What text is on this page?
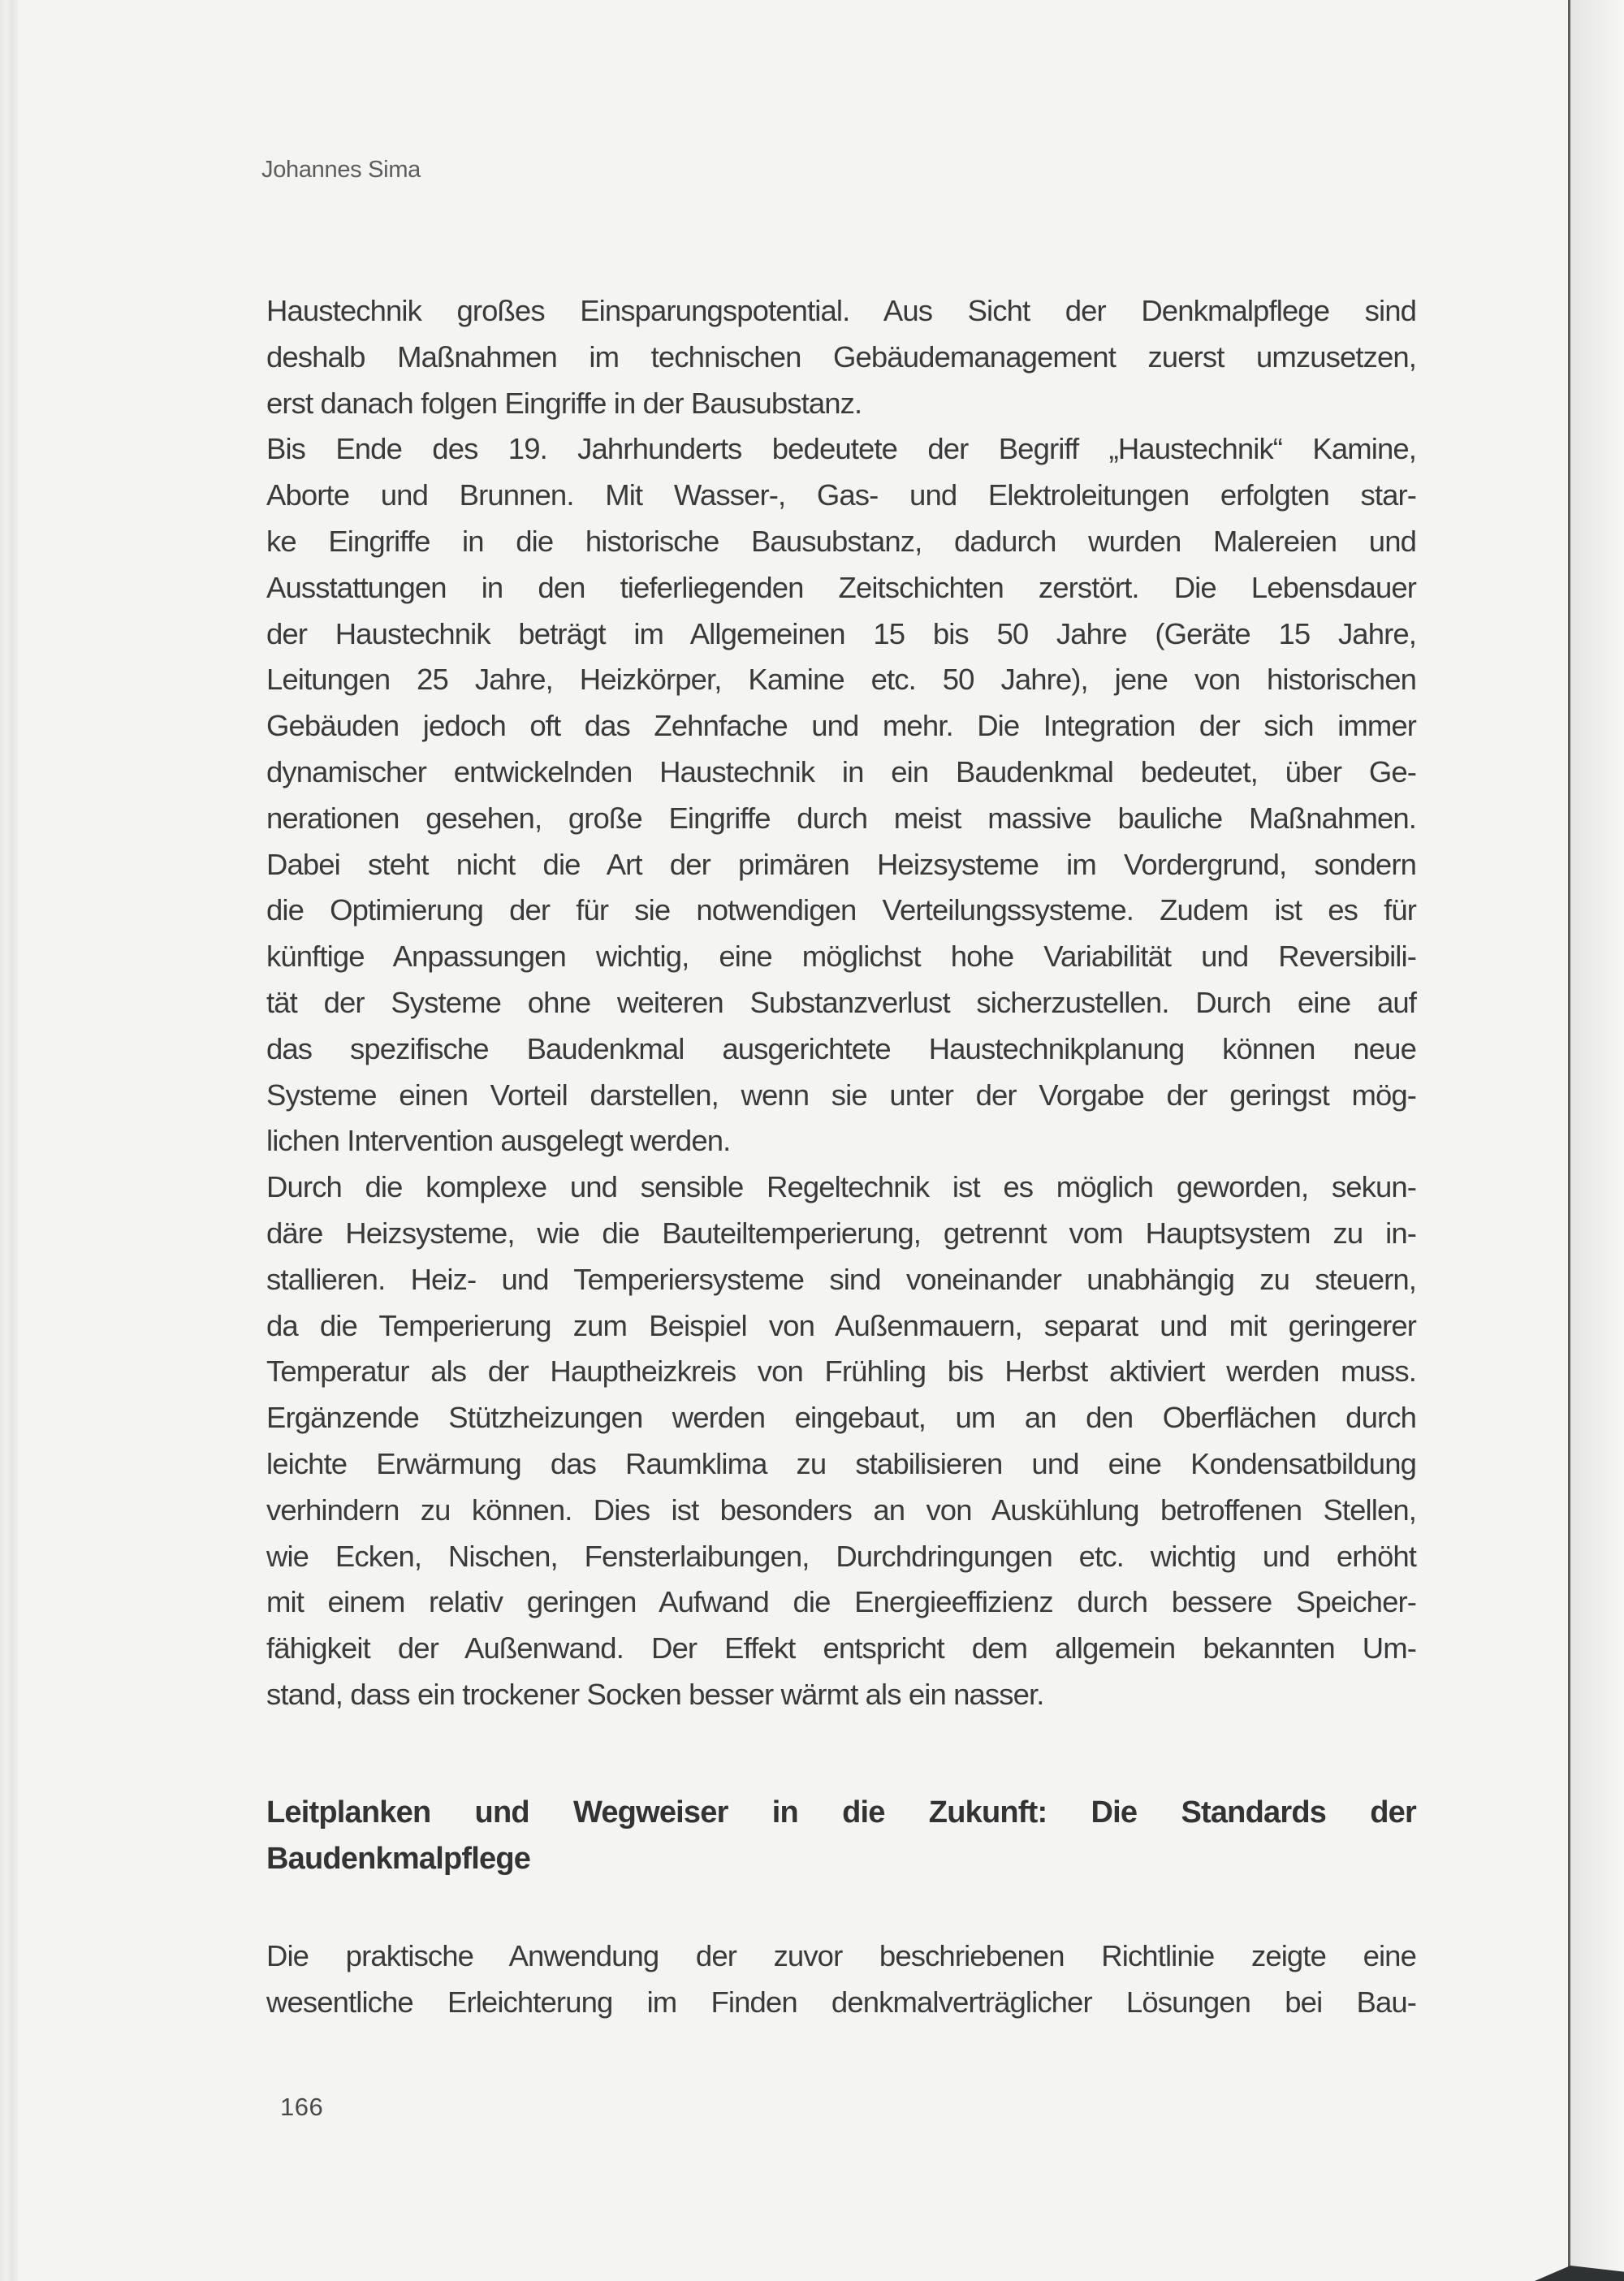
Johannes Sima

Haustechnik großes Einsparungspotential. Aus Sicht der Denkmalpflege sind
deshalb Maßnahmen im technischen Gebäudemanagement zuerst umzusetzen,
erst danach folgen Eingriffe in der Bausubstanz.

Bis Ende des 19. Jahrhunderts bedeutete der Begriff „Haustechnik“ Kamine,
Aborte und Brunnen. Mit Wasser-, Gas- und Elektroleitungen erfolgten star-
ke Eingriffe in die historische Bausubstanz, dadurch wurden Malereien und
Ausstattungen in den tieferliegenden Zeitschichten zerstört. Die Lebensdauer
der Haustechnik beträgt im Allgemeinen 15 bis 50 Jahre (Geräte 15 Jahre,
Leitungen 25 Jahre, Heizkörper, Kamine etc. 50 Jahre), jene von historischen
Gebäuden jedoch oft das Zehnfache und mehr. Die Integration der sich immer
dynamischer entwickelnden Haustechnik in ein Baudenkmal bedeutet, über Ge-
nerationen gesehen, große Eingriffe durch meist massive bauliche Maßnahmen.
Dabei steht nicht die Art der primären Heizsysteme im Vordergrund, sondern
die Optimierung der für sie notwendigen Verteilungssysteme. Zudem ist es für
künftige Anpassungen wichtig, eine möglichst hohe Variabilität und Reversibili-
tät der Systeme ohne weiteren Substanzverlust sicherzustellen. Durch eine auf
das spezifische Baudenkmal ausgerichtete Haustechnikplanung können neue
Systeme einen Vorteil darstellen, wenn sie unter der Vorgabe der geringst mög-
lichen Intervention ausgelegt werden.

Durch die komplexe und sensible Regeltechnik ist es möglich geworden, sekun-
däre Heizsysteme, wie die Bauteiltemperierung, getrennt vom Hauptsystem zu in-
stallieren. Heiz- und Temperiersysteme sind voneinander unabhängig zu steuern,
da die Temperierung zum Beispiel von Außenmauern, separat und mit geringerer
Temperatur als der Hauptheizkreis von Frühling bis Herbst aktiviert werden muss.
Ergänzende Stützheizungen werden eingebaut, um an den Oberflächen durch
leichte Erwärmung das Raumklima zu stabilisieren und eine Kondensatbildung
verhindern zu können. Dies ist besonders an von Auskühlung betroffenen Stellen,
wie Ecken, Nischen, Fensterlaibungen, Durchdringungen etc. wichtig und erhöht
mit einem relativ geringen Aufwand die Energieeffizienz durch bessere Speicher-
fähigkeit der Außenwand. Der Effekt entspricht dem allgemein bekannten Um-
stand, dass ein trockener Socken besser wärmt als ein nasser.

Leitplanken und Wegweiser in die Zukunft: Die Standards der
Baudenkmalpflege

Die praktische Anwendung der zuvor beschriebenen Richtlinie zeigte eine
wesentliche Erleichterung im Finden denkmalverträglicher Lösungen bei Bau-

166
